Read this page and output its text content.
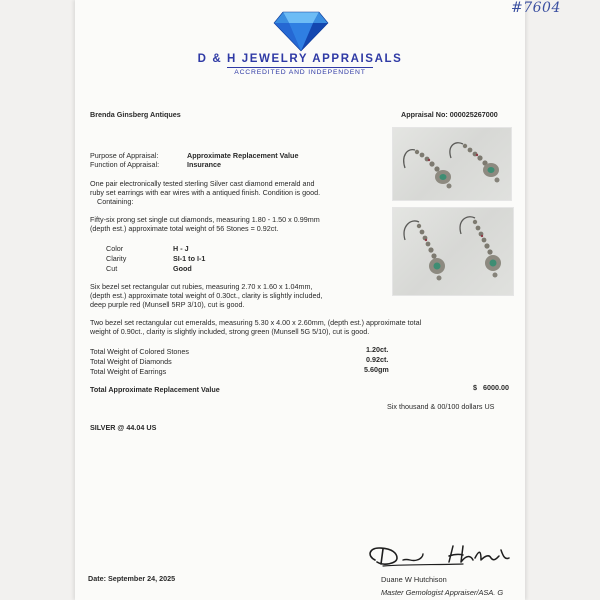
#7604
D & H JEWELRY APPRAISALS
ACCREDITED AND INDEPENDENT
Brenda Ginsberg Antiques	Appraisal No: 000025267000
Purpose of Appraisal:	Approximate Replacement Value
Function of Appraisal:	Insurance
One pair electronically tested sterling Silver cast diamond emerald and
ruby set earrings with ear wires with a antiqued finish. Condition is good.
Containing:
Fifty-six prong set single cut diamonds, measuring 1.80 - 1.50 x 0.99mm
(depth est.) approximate total weight of 56 Stones = 0.92ct.
Color	H - J
Clarity	SI-1 to I-1
Cut	Good
Six bezel set rectangular cut rubies, measuring 2.70 x 1.60 x 1.04mm,
(depth est.) approximate total weight of 0.30ct., clarity is slightly included,
deep purple red (Munsell 5RP 3/10), cut is good.
Two bezel set rectangular cut emeralds, measuring 5.30 x 4.00 x 2.60mm, (depth est.) approximate total
weight of 0.90ct., clarity is slightly included, strong green (Munsell 5G 5/10), cut is good.
Total Weight of Colored Stones	1.20ct.
Total Weight of Diamonds	0.92ct.
Total Weight of Earrings	5.60gm
Total Approximate Replacement Value	$   6000.00
Six thousand & 00/100 dollars US
SILVER @ 44.04 US
Date: September 24, 2025	Duane W Hutchison
Master Gemologist Appraiser/ASA. G
